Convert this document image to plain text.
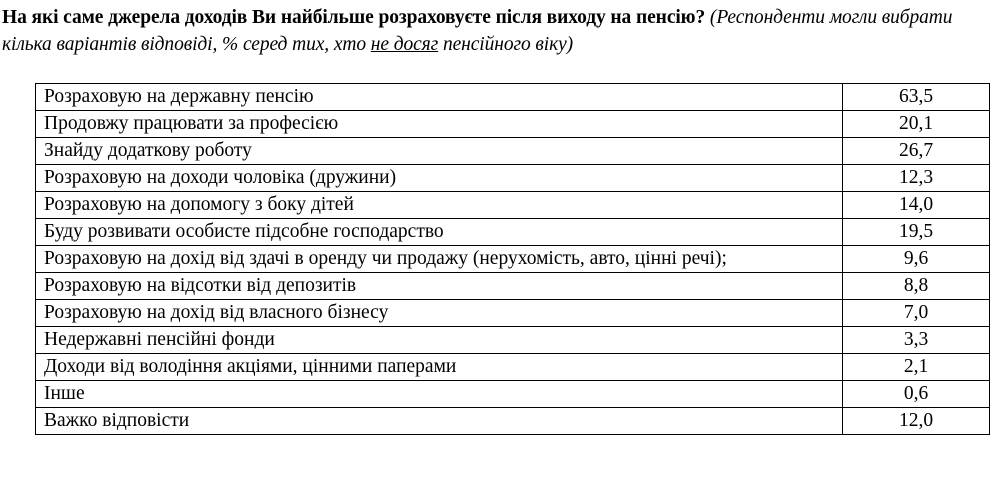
На які саме джерела доходів Ви найбільше розраховуєте після виходу на пенсію? (Респонденти могли вибрати кілька варіантів відповіді, % серед тих, хто не досяг пенсійного віку)
Розраховую на державну пенсію	63,5
Продовжу працювати за професією	20,1
Знайду додаткову роботу	26,7
Розраховую на доходи чоловіка (дружини)	12,3
Розраховую на допомогу з боку дітей	14,0
Буду розвивати особисте підсобне господарство	19,5
Розраховую на дохід від здачі в оренду чи продажу (нерухомість, авто, цінні речі);	9,6
Розраховую на відсотки від депозитів	8,8
Розраховую на дохід від власного бізнесу	7,0
Недержавні пенсійні фонди	3,3
Доходи від володіння акціями, цінними паперами	2,1
Інше	0,6
Важко відповісти	12,0
